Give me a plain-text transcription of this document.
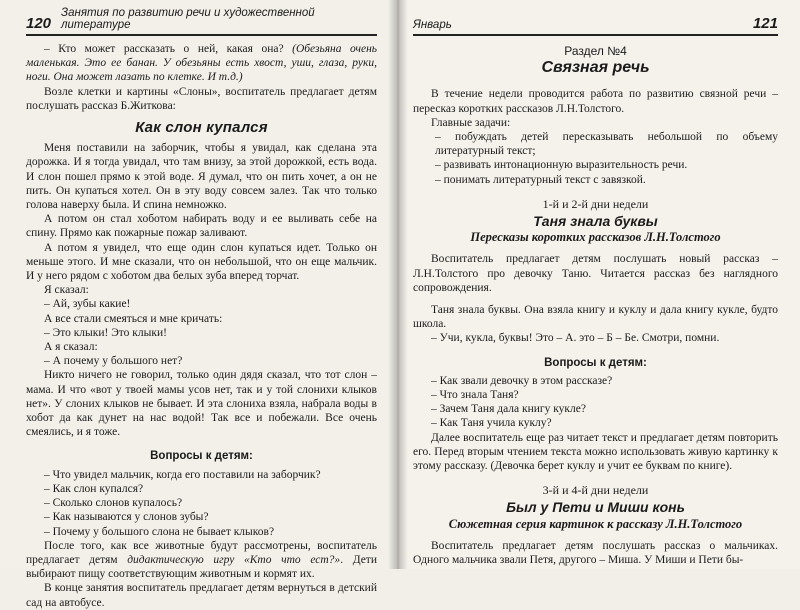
120
Занятия по развитию речи и художественной литературе

– Кто может рассказать о ней, какая она? (Обезьяна очень маленькая. Это ее банан. У обезьяны есть хвост, уши, глаза, руки, ноги. Она может лазать по клетке. И т.д.)

Возле клетки и картины «Слоны», воспитатель предлагает детям послушать рассказ Б.Житкова:

Как слон купался

Меня поставили на заборчик, чтобы я увидал, как сделана эта дорожка. И я тогда увидал, что там внизу, за этой дорожкой, есть вода. И слон пошел прямо к этой воде. Я думал, что он пить хочет, а он не пить. Он купаться хотел. Он в эту воду совсем залез. Так что только голова наверху была. И спина немножко.

А потом он стал хоботом набирать воду и ее выливать себе на спину. Прямо как пожарные пожар заливают.

А потом я увидел, что еще один слон купаться идет. Только он меньше этого. И мне сказали, что он небольшой, что он еще мальчик. И у него рядом с хоботом два белых зуба вперед торчат.

Я сказал:

– Ай, зубы какие!

А все стали смеяться и мне кричать:

– Это клыки! Это клыки!

А я сказал:

– А почему у большого нет?

Никто ничего не говорил, только один дядя сказал, что тот слон – мама. И что «вот у твоей мамы усов нет, так и у той слонихи клыков нет». У слоних клыков не бывает. И эта слониха взяла, набрала воды в хобот да как дунет на нас водой! Так все и побежали. Все очень смеялись, и я тоже.

Вопросы к детям:

– Что увидел мальчик, когда его поставили на заборчик?

– Как слон купался?

– Сколько слонов купалось?

– Как называются у слонов зубы?

– Почему у большого слона не бывает клыков?

После того, как все животные будут рассмотрены, воспитатель предлагает детям дидактическую игру «Кто что ест?». Дети выбирают пищу соответствующим животным и кормят их.

В конце занятия воспитатель предлагает детям вернуться в детский сад на автобусе.

Январь	121
Раздел №4
Связная речь

В течение недели проводится работа по развитию связной речи – пересказ коротких рассказов Л.Н.Толстого.

Главные задачи:

– побуждать детей пересказывать небольшой по объему литературный текст;

– развивать интонационную выразительность речи.

– понимать литературный текст с завязкой.

1-й и 2-й дни недели
Таня знала буквы
Пересказы коротких рассказов Л.Н.Толстого

Воспитатель предлагает детям послушать новый рассказ – Л.Н.Толстого про девочку Таню. Читается рассказ без наглядного сопровождения.

Таня знала буквы. Она взяла книгу и куклу и дала книгу кукле, будто школа.

– Учи, кукла, буквы! Это – А. это – Б – Бе. Смотри, помни.

Вопросы к детям:

– Как звали девочку в этом рассказе?

– Что знала Таня?

– Зачем Таня дала книгу кукле?

– Как Таня учила куклу?

Далее воспитатель еще раз читает текст и предлагает детям повторить его. Перед вторым чтением текста можно использовать живую картинку к этому рассказу. (Девочка берет куклу и учит ее буквам по книге).

3-й и 4-й дни недели
Был у Пети и Миши конь
Сюжетная серия картинок к рассказу Л.Н.Толстого

Воспитатель предлагает детям послушать рассказ о мальчиках. Одного мальчика звали Петя, другого – Миша. У Миши и Пети бы-
